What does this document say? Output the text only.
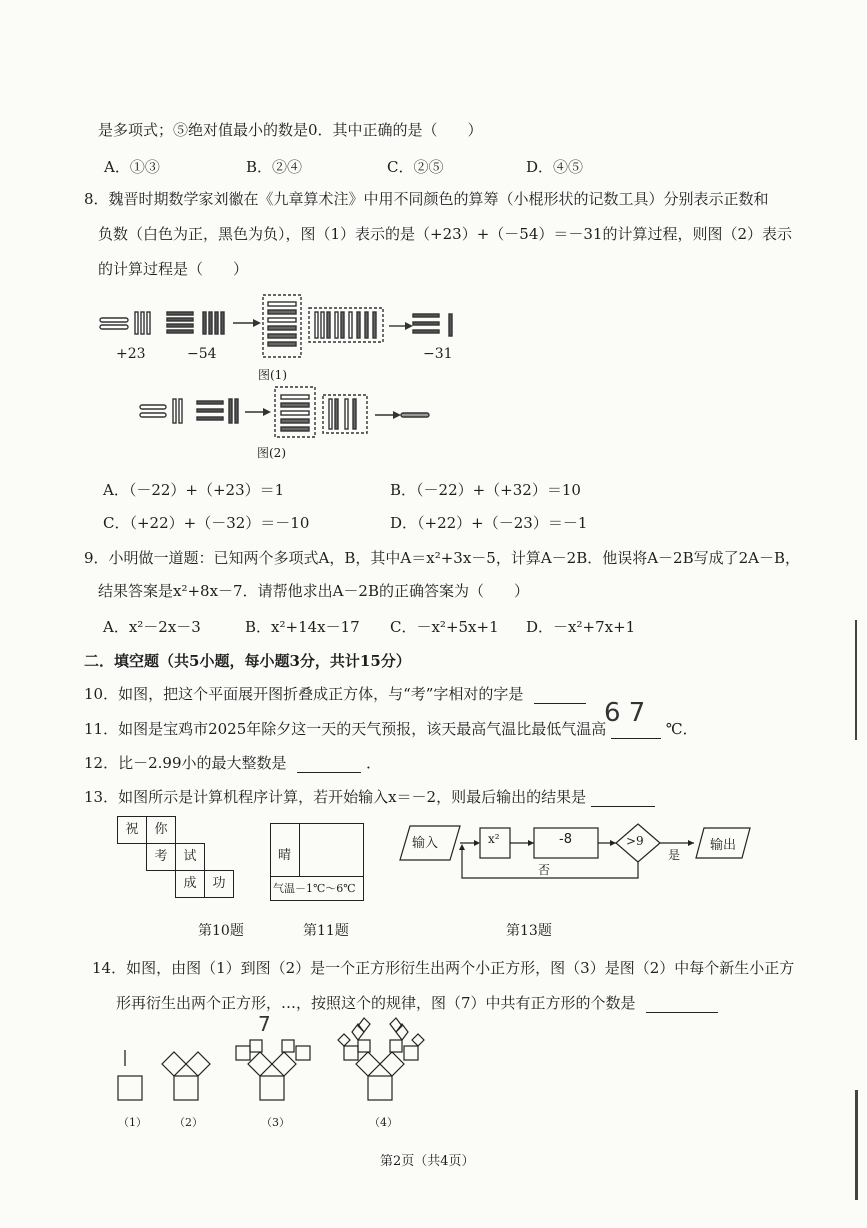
是多项式；⑤绝对值最小的数是0．其中正确的是（　　）
A．①③	B．②④	C．②⑤	D．④⑤
8．魏晋时期数学家刘徽在《九章算术注》中用不同颜色的算筹（小棍形状的记数工具）分别表示正数和
负数（白色为正，黑色为负），图（1）表示的是（+23）+（－54）＝－31的计算过程，则图（2）表示
的计算过程是（　　）
+23	−54	−31
图(1)
图(2)
A．（－22）+（+23）＝1	B．（－22）+（+32）＝10
C．（+22）+（－32）＝－10	D．（+22）+（－23）＝－1
9．小明做一道题：已知两个多项式A，B，其中A＝x²+3x－5，计算A－2B．他误将A－2B写成了2A－B，
结果答案是x²+8x－7．请帮他求出A－2B的正确答案为（　　）
A．x²－2x－3	B．x²+14x－17 C．－x²+5x+1 D．－x²+7x+1
二．填空题（共5小题，每小题3分，共计15分）
10．如图，把这个平面展开图折叠成正方体，与“考”字相对的字是
11．如图是宝鸡市2025年除夕这一天的天气预报，该天最高气温比最低气温高	℃．
6 7
12．比－2.99小的最大整数是	．
13．如图所示是计算机程序计算，若开始输入x＝－2，则最后输出的结果是
祝	你
考	试
成	功
晴
气温－1℃～6℃
输入	x²	-8	>9
是
否
输出
第10题	第11题	第13题
14．如图，由图（1）到图（2）是一个正方形衍生出两个小正方形，图（3）是图（2）中每个新生小正方
形再衍生出两个正方形，…，按照这个的规律，图（7）中共有正方形的个数是
7
（1） （2）	（3）	（4）
第2页（共4页）
